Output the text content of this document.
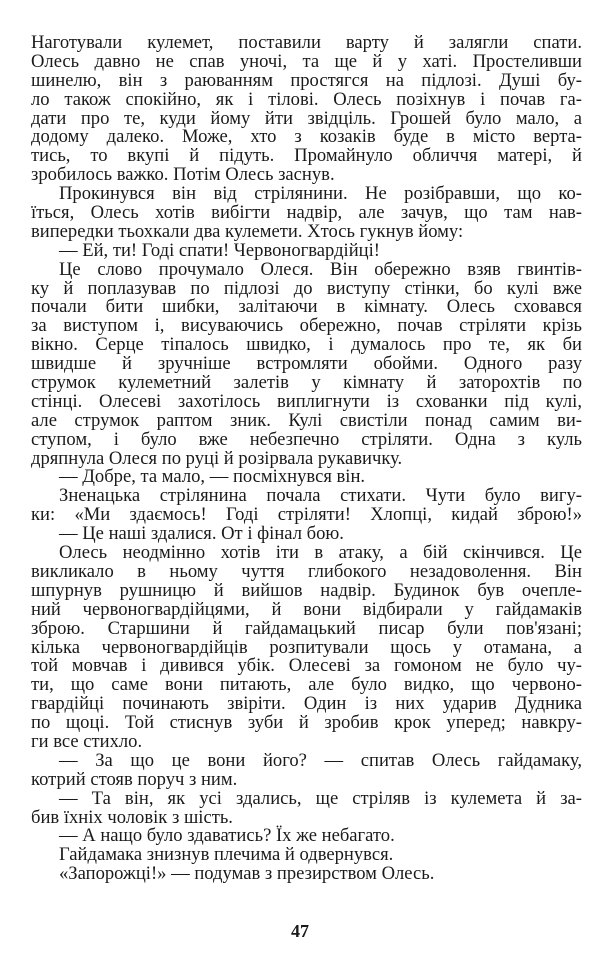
Наготували кулемет, поставили варту й залягли спати.
Олесь давно не спав уночі, та ще й у хаті. Простеливши
шинелю, він з раюванням простягся на підлозі. Душі бу-
ло також спокійно, як і тілові. Олесь позіхнув і почав га-
дати про те, куди йому йти звідціль. Грошей було мало, а
додому далеко. Може, хто з козаків буде в місто верта-
тись, то вкупі й підуть. Промайнуло обличчя матері, й
зробилось важко. Потім Олесь заснув.
Прокинувся він від стрілянини. Не розібравши, що ко-
їться, Олесь хотів вибігти надвір, але зачув, що там нав-
випередки тьохкали два кулемети. Хтось гукнув йому:
— Ей, ти! Годі спати! Червоногвардійці!
Це слово прочумало Олеся. Він обережно взяв гвинтів-
ку й поплазував по підлозі до виступу стінки, бо кулі вже
почали бити шибки, залітаючи в кімнату. Олесь сховався
за виступом і, висуваючись обережно, почав стріляти крізь
вікно. Серце тіпалось швидко, і думалось про те, як би
швидше й зручніше встромляти обойми. Одного разу
струмок кулеметний залетів у кімнату й заторохтів по
стінці. Олесеві захотілось виплигнути із схованки під кулі,
але струмок раптом зник. Кулі свистіли понад самим ви-
ступом, і було вже небезпечно стріляти. Одна з куль
дряпнула Олеся по руці й розірвала рукавичку.
— Добре, та мало, — посміхнувся він.
Зненацька стрілянина почала стихати. Чути було вигу-
ки: «Ми здаємось! Годі стріляти! Хлопці, кидай зброю!»
— Це наші здалися. От і фінал бою.
Олесь неодмінно хотів іти в атаку, а бій скінчився. Це
викликало в ньому чуття глибокого незадоволення. Він
шпурнув рушницю й вийшов надвір. Будинок був очепле-
ний червоногвардійцями, й вони відбирали у гайдамаків
зброю. Старшини й гайдамацький писар були пов'язані;
кілька червоногвардійців розпитували щось у отамана, а
той мовчав і дивився убік. Олесеві за гомоном не було чу-
ти, що саме вони питають, але було видко, що червоно-
гвардійці починають звіріти. Один із них ударив Дудника
по щоці. Той стиснув зуби й зробив крок уперед; навкру-
ги все стихло.
— За що це вони його? — спитав Олесь гайдамаку,
котрий стояв поруч з ним.
— Та він, як усі здались, ще стріляв із кулемета й за-
бив їхніх чоловік з шість.
— А нащо було здаватись? Їх же небагато.
Гайдамака знизнув плечима й одвернувся.
«Запорожці!» — подумав з презирством Олесь.
47
